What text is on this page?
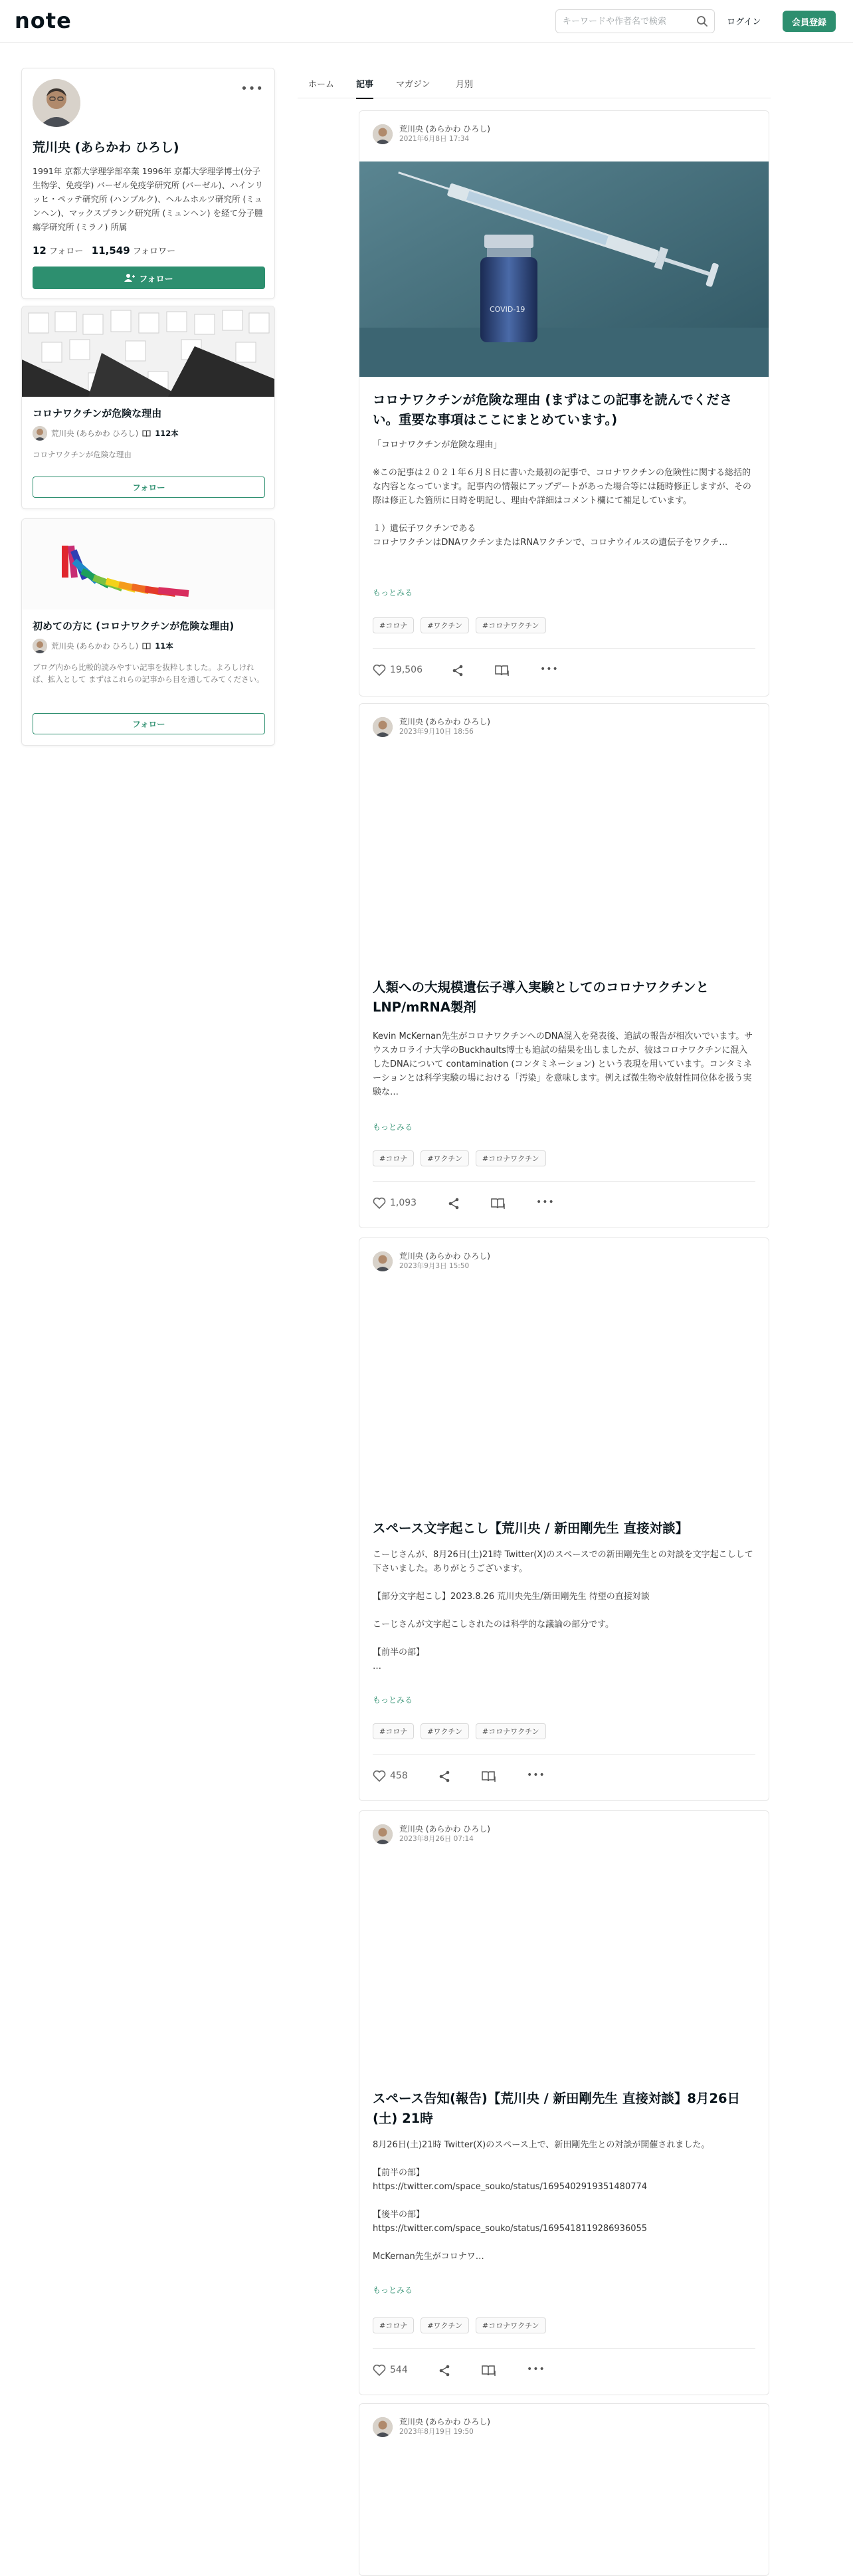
note
キーワードや作者名で検索	ログイン	会員登録
•••
荒川央 (あらかわ ひろし)
1991年 京都大学理学部卒業 1996年 京都大学理学博士(分子生物学、免疫学) バーゼル免疫学研究所 (バーゼル)、ハインリッヒ・ペッテ研究所 (ハンブルク)、ヘルムホルツ研究所 (ミュンヘン)、マックスプランク研究所 (ミュンヘン) を経て分子腫瘍学研究所 (ミラノ) 所属
12 フォロー 11,549 フォロワー
フォロー
コロナワクチンが危険な理由
荒川央 (あらかわ ひろし) 112本
コロナワクチンが危険な理由
フォロー
初めての方に (コロナワクチンが危険な理由)
荒川央 (あらかわ ひろし) 11本
ブログ内から比較的読みやすい記事を抜粋しました。よろしければ、拡入として まずはこれらの記事から目を通してみてください。
フォロー
ホーム	記事	マガジン	月別
荒川央 (あらかわ ひろし)
2021年6月8日 17:34
COVID-19
コロナワクチンが危険な理由 (まずはこの記事を読んでください。重要な事項はここにまとめています。)
「コロナワクチンが危険な理由」

※この記事は２０２１年６月８日に書いた最初の記事で、コロナワクチンの危険性に関する総括的な内容となっています。記事内の情報にアップデートがあった場合等には随時修正しますが、その際は修正した箇所に日時を明記し、理由や詳細はコメント欄にて補足しています。

１）遺伝子ワクチンである
コロナワクチンはDNAワクチンまたはRNAワクチンで、コロナウイルスの遺伝子をワクチ…
もっとみる
#コロナ	#ワクチン	#コロナワクチン
19,506	•••
荒川央 (あらかわ ひろし)
2023年9月10日 18:56
人類への大規模遺伝子導入実験としてのコロナワクチンとLNP/mRNA製剤
Kevin McKernan先生がコロナワクチンへのDNA混入を発表後、追試の報告が相次いでいます。サウスカロライナ大学のBuckhaults博士も追試の結果を出しましたが、彼はコロナワクチンに混入したDNAについて contamination (コンタミネーション) という表現を用いています。コンタミネーションとは科学実験の場における「汚染」を意味します。例えば微生物や放射性同位体を扱う実験な…
もっとみる
#コロナ	#ワクチン	#コロナワクチン
1,093	•••
荒川央 (あらかわ ひろし)
2023年9月3日 15:50
スペース文字起こし【荒川央 / 新田剛先生 直接対談】
こーじさんが、8月26日(土)21時 Twitter(X)のスペースでの新田剛先生との対談を文字起こしして下さいました。ありがとうございます。

【部分文字起こし】2023.8.26 荒川央先生/新田剛先生 待望の直接対談

こーじさんが文字起こしされたのは科学的な議論の部分です。

【前半の部】
…
もっとみる
#コロナ	#ワクチン	#コロナワクチン
458	•••
荒川央 (あらかわ ひろし)
2023年8月26日 07:14
スペース告知(報告)【荒川央 / 新田剛先生 直接対談】8月26日(土) 21時
8月26日(土)21時 Twitter(X)のスペース上で、新田剛先生との対談が開催されました。

【前半の部】
https://twitter.com/space_souko/status/1695402919351480774

【後半の部】
https://twitter.com/space_souko/status/1695418119286936055

McKernan先生がコロナワ…
もっとみる
#コロナ	#ワクチン	#コロナワクチン
544	•••
荒川央 (あらかわ ひろし)
2023年8月19日 19:50
